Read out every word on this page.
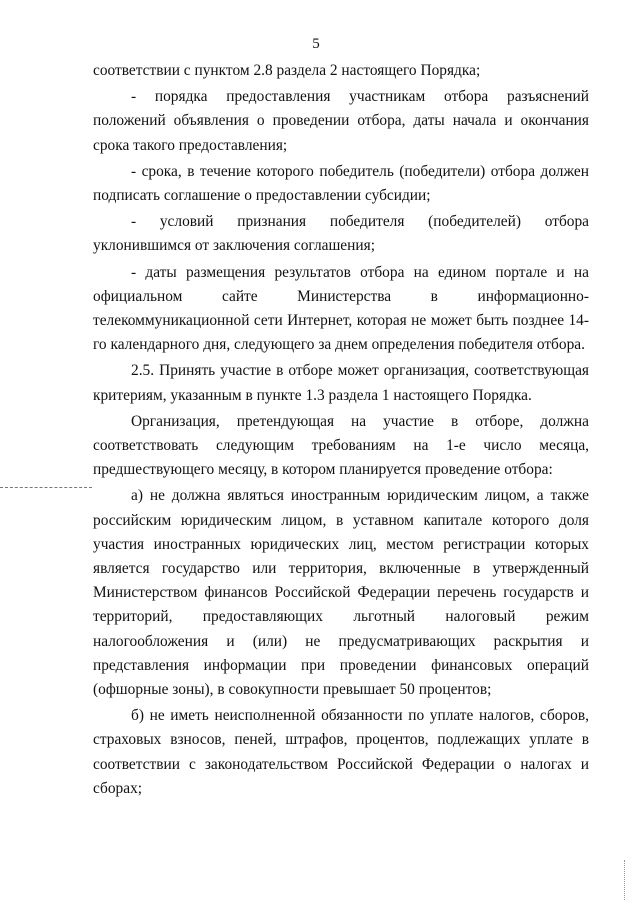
5

соответствии с пунктом 2.8 раздела 2 настоящего Порядка;

- порядка предоставления участникам отбора разъяснений положений объявления о проведении отбора, даты начала и окончания срока такого предоставления;

- срока, в течение которого победитель (победители) отбора должен подписать соглашение о предоставлении субсидии;

- условий признания победителя (победителей) отбора уклонившимся от заключения соглашения;

- даты размещения результатов отбора на едином портале и на официальном сайте Министерства в информационно-телекоммуникационной сети Интернет, которая не может быть позднее 14-го календарного дня, следующего за днем определения победителя отбора.

2.5. Принять участие в отборе может организация, соответствующая критериям, указанным в пункте 1.3 раздела 1 настоящего Порядка.

Организация, претендующая на участие в отборе, должна соответствовать следующим требованиям на 1-е число месяца, предшествующего месяцу, в котором планируется проведение отбора:

а) не должна являться иностранным юридическим лицом, а также российским юридическим лицом, в уставном капитале которого доля участия иностранных юридических лиц, местом регистрации которых является государство или территория, включенные в утвержденный Министерством финансов Российской Федерации перечень государств и территорий, предоставляющих льготный налоговый режим налогообложения и (или) не предусматривающих раскрытия и представления информации при проведении финансовых операций (офшорные зоны), в совокупности превышает 50 процентов;

б) не иметь неисполненной обязанности по уплате налогов, сборов, страховых взносов, пеней, штрафов, процентов, подлежащих уплате в соответствии с законодательством Российской Федерации о налогах и сборах;
